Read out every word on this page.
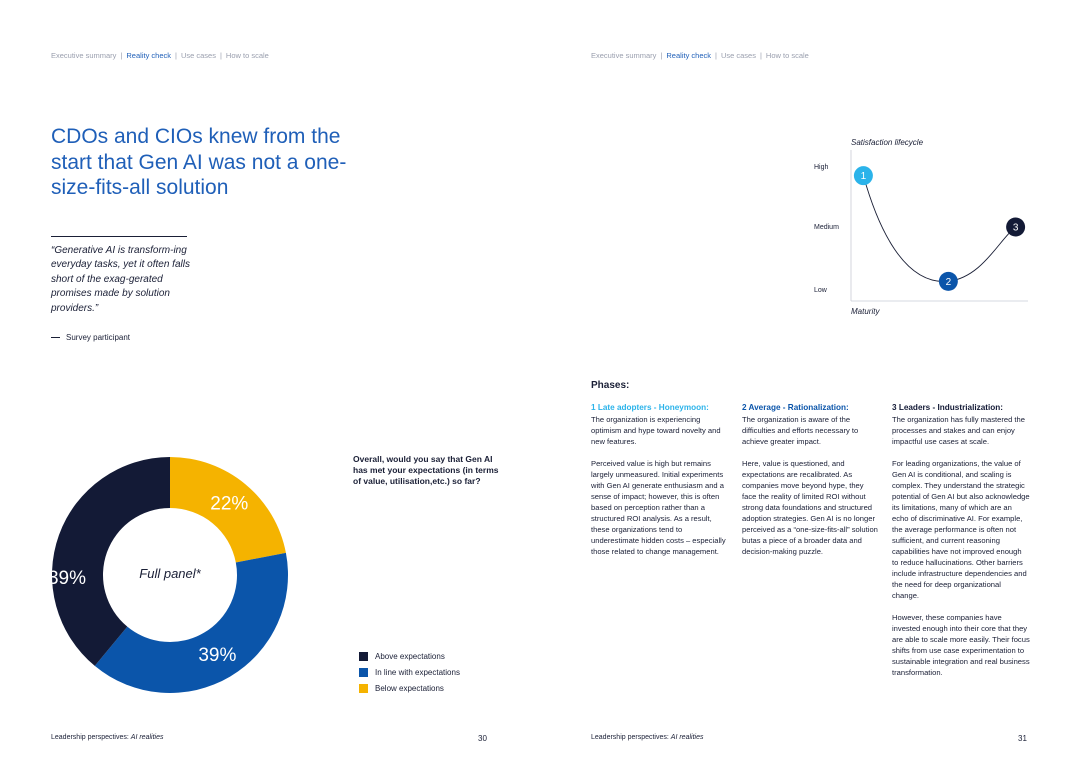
Executive summary | Reality check | Use cases | How to scale
CDOs and CIOs knew from the start that Gen AI was not a one-size-fits-all solution

“Generative AI is transform-ing everyday tasks, yet it often falls short of the exag-gerated promises made by solution providers.”

Survey participant
22%
39%
39%	Full panel*

Overall, would you say that Gen AI has met your expectations (in terms of value, utilisation,etc.) so far?

Above expectations
In line with expectations
Below expectations
Leadership perspectives: AI realities	30
Executive summary | Reality check | Use cases | How to scale
Satisfaction lifecycle
High
Medium
Low
1
2
3
Maturity
Phases:
1 Late adopters - Honeymoon:
The organization is experiencing optimism and hype toward novelty and new features.

Perceived value is high but remains largely unmeasured. Initial experiments with Gen AI generate enthusiasm and a sense of impact; however, this is often based on perception rather than a structured ROI analysis. As a result, these organizations tend to underestimate hidden costs – especially those related to change management.

2 Average - Rationalization:
The organization is aware of the difficulties and efforts necessary to achieve greater impact.

Here, value is questioned, and expectations are recalibrated. As companies move beyond hype, they face the reality of limited ROI without strong data foundations and structured adoption strategies. Gen AI is no longer perceived as a “one-size-fits-all” solution butas a piece of a broader data and decision-making puzzle.

3 Leaders - Industrialization:
The organization has fully mastered the processes and stakes and can enjoy impactful use cases at scale.

For leading organizations, the value of Gen AI is conditional, and scaling is complex. They understand the strategic potential of Gen AI but also acknowledge its limitations, many of which are an echo of discriminative AI. For example, the average performance is often not sufficient, and current reasoning capabilities have not improved enough to reduce hallucinations. Other barriers include infrastructure dependencies and the need for deep organizational change.

However, these companies have invested enough into their core that they are able to scale more easily. Their focus shifts from use case experimentation to sustainable integration and real business transformation.

Leadership perspectives: AI realities	31
